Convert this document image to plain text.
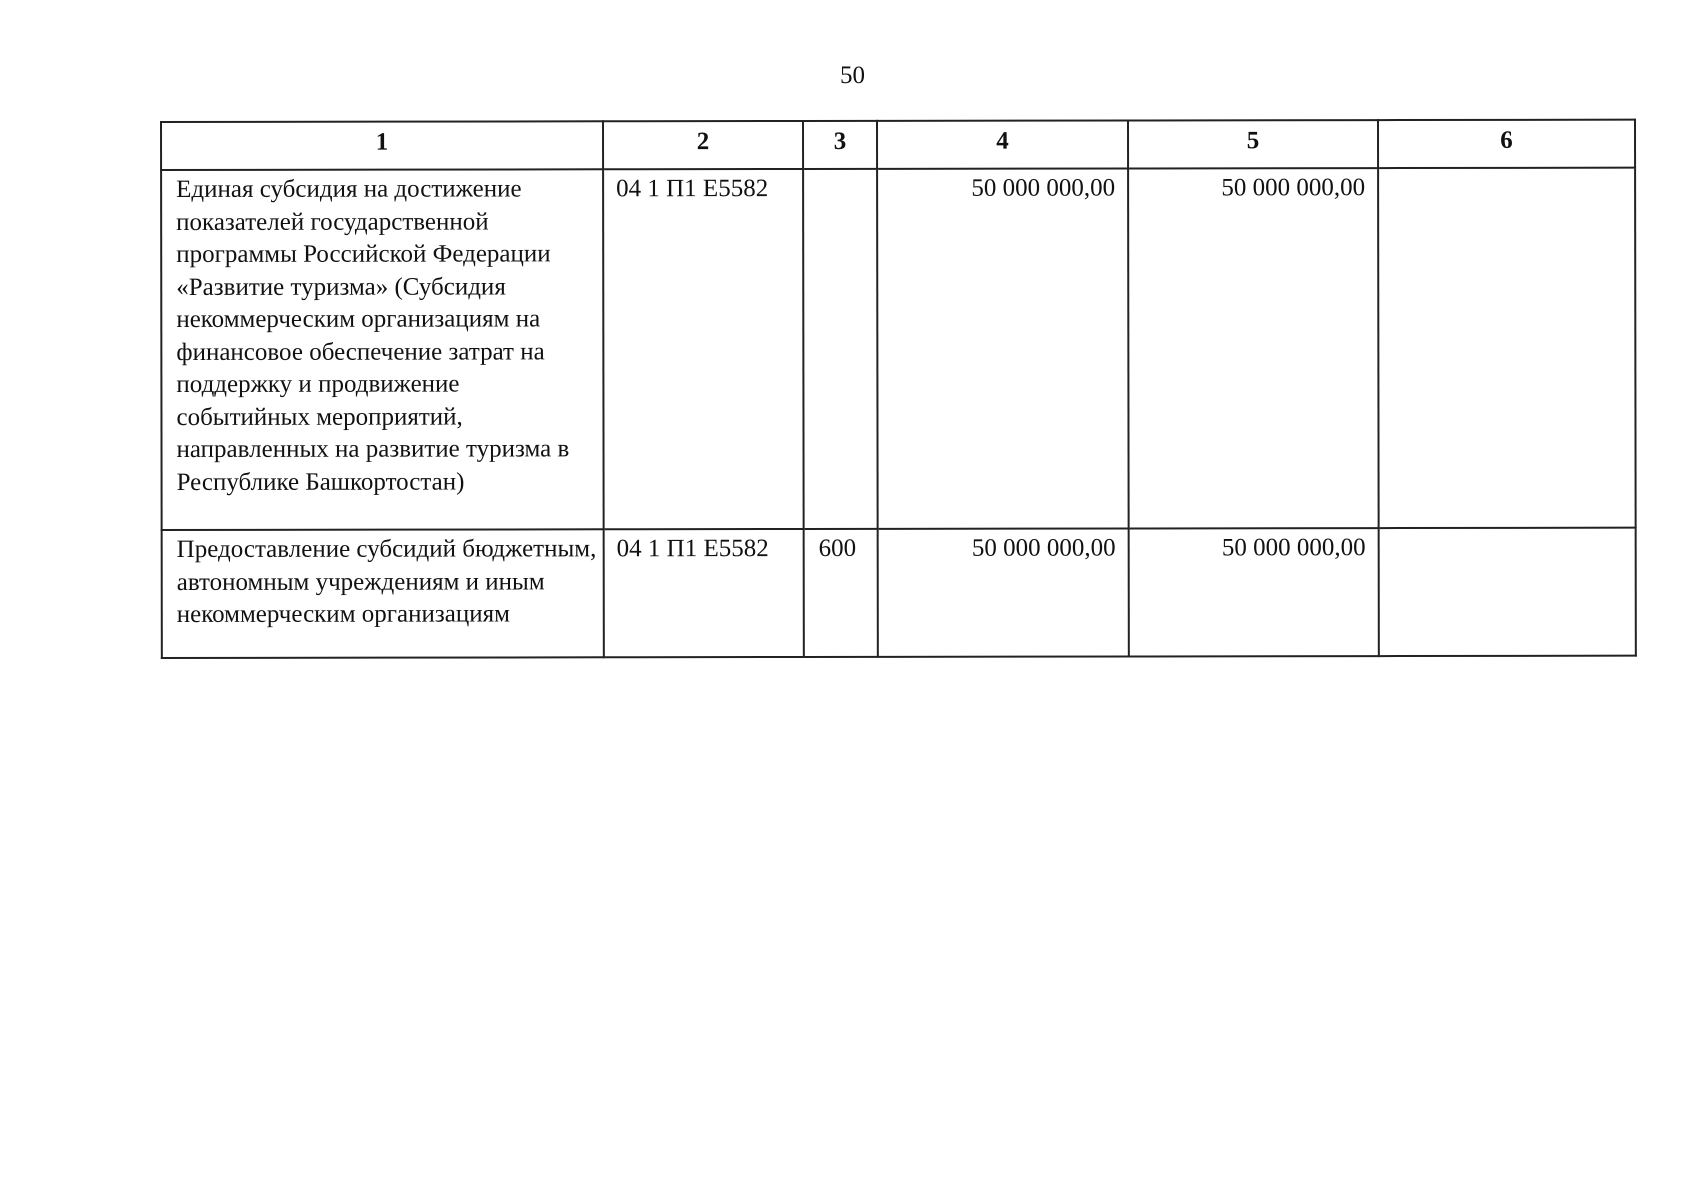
50
1	2	3	4	5	6
Единая субсидия на достижение показателей государственной программы Российской Федерации «Развитие туризма» (Субсидия некоммерческим организациям на финансовое обеспечение затрат на поддержку и продвижение событийных мероприятий, направленных на развитие туризма в Республике Башкортостан)	04 1 П1 Е5582		50 000 000,00	50 000 000,00	
Предоставление субсидий бюджетным, автономным учреждениям и иным некоммерческим организациям	04 1 П1 Е5582	600	50 000 000,00	50 000 000,00	
